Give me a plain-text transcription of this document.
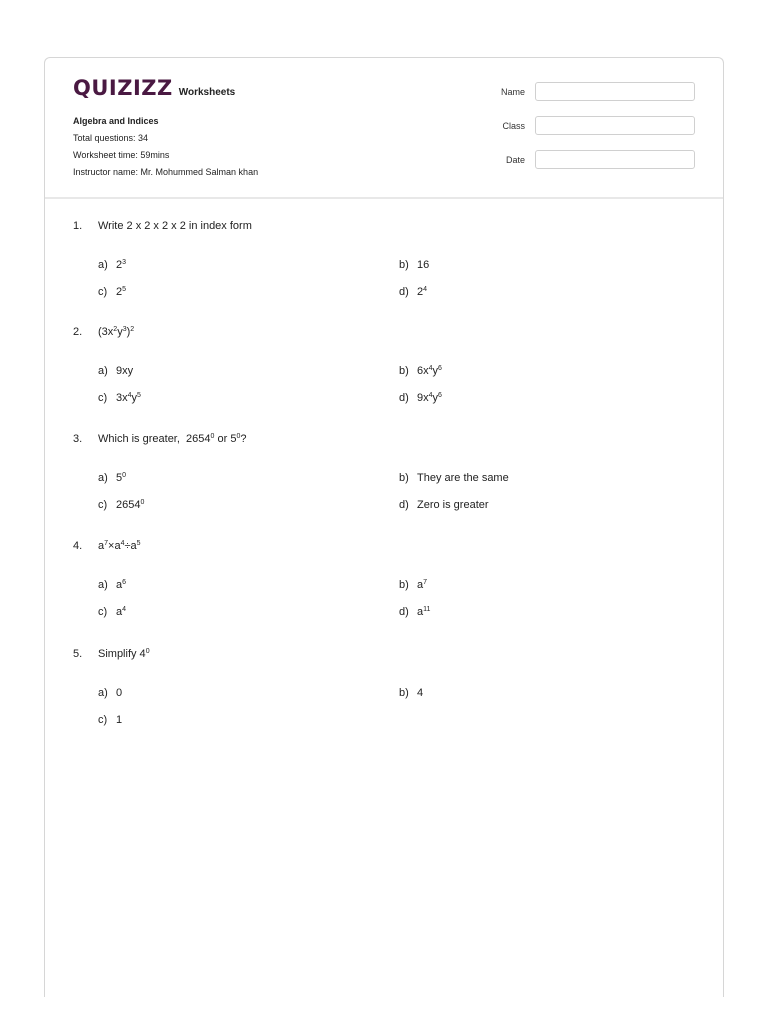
QUIZIZZ Worksheets
Algebra and Indices
Total questions: 34
Worksheet time: 59mins
Instructor name: Mr. Mohummed Salman khan
Name
Class
Date
1.	Write 2 x 2 x 2 x 2 in index form
a) $2^3$	b) 16
c) $2^5$	d) $2^4$
2.	$(3x^2y^3)^2$
a) 9xy	b) $6x^4y^6$
c) $3x^4y^5$	d) $9x^4y^6$
3.	Which is greater,  2654$^0$ or $5^0$?
a) $5^0$	b) They are the same
c) 2654$^0$	d) Zero is greater
4.	$a^7\times a^4\div a^5$
a) $a^6$	b) $a^7$
c) $a^4$	d) $a^{11}$
5.	Simplify $4^0$
a) 0	b) 4
c) 1
